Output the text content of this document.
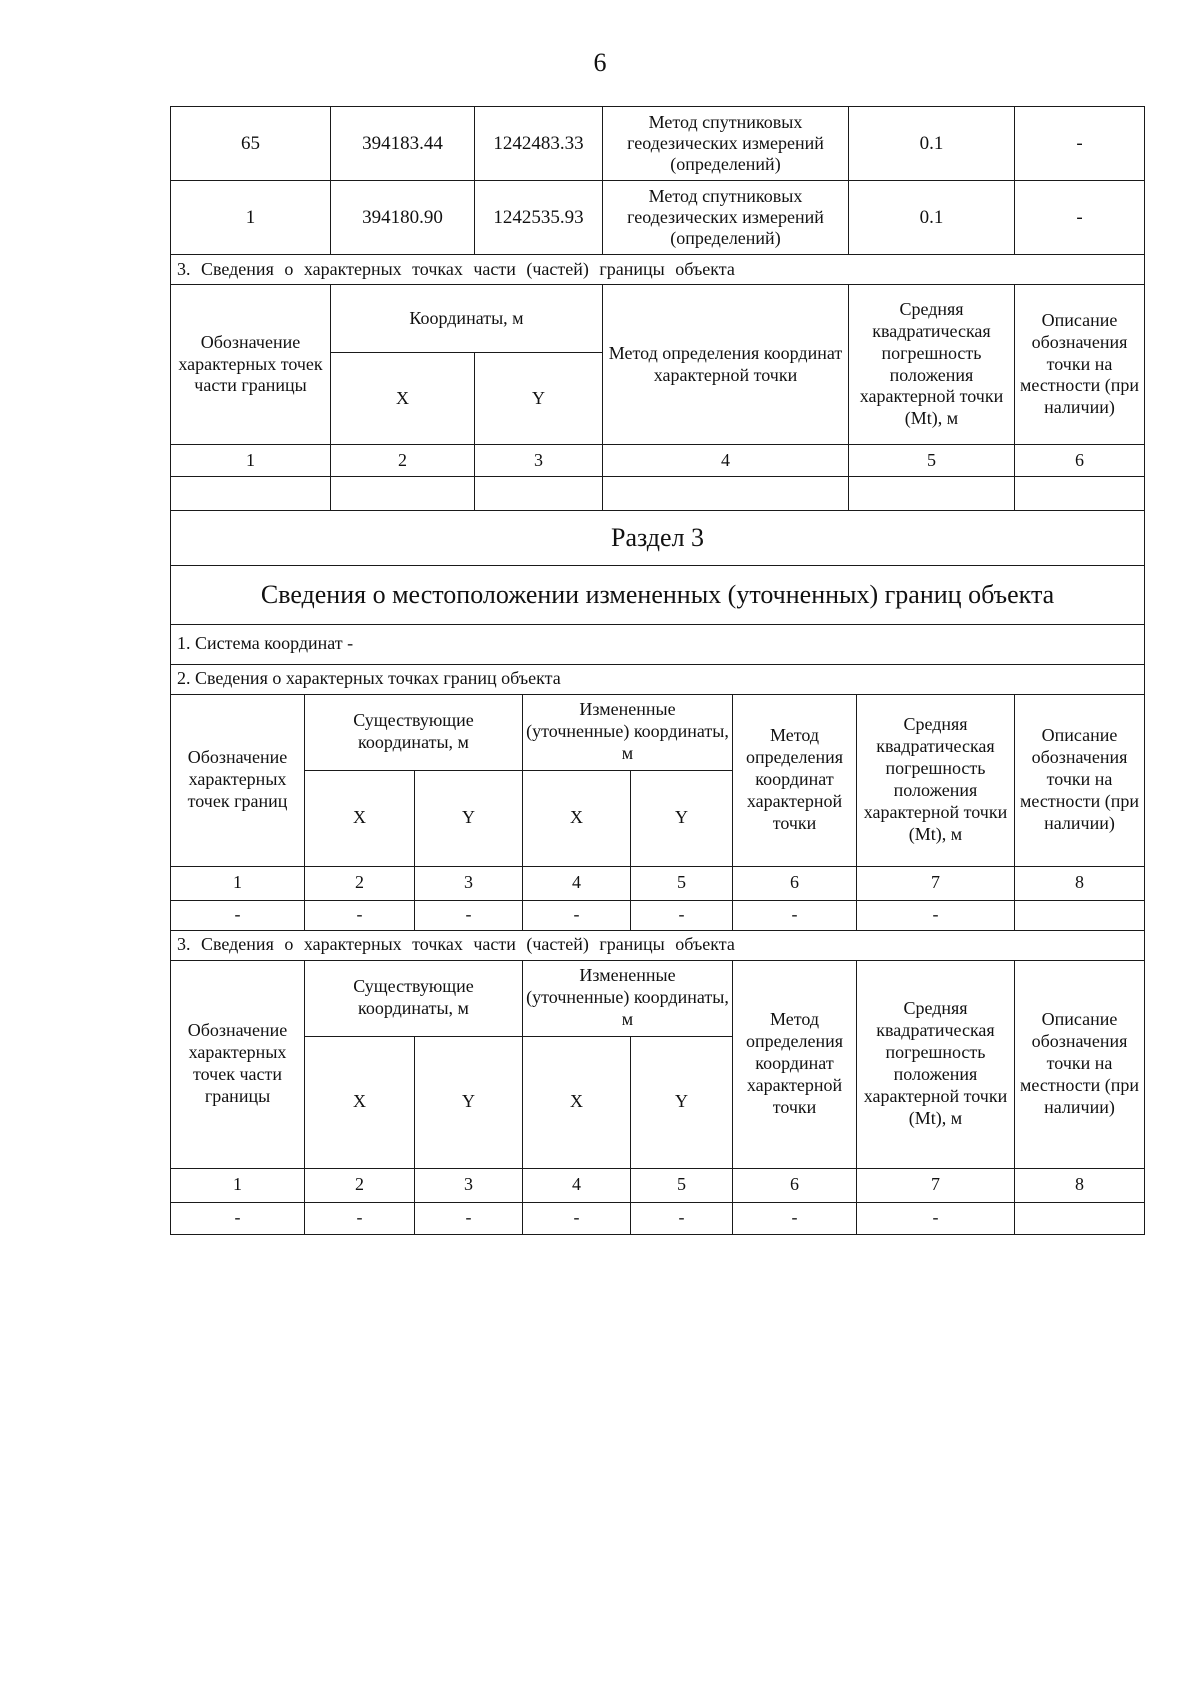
6
65	394183.44	1242483.33	Метод спутниковых геодезических измерений (определений)	0.1	-
1	394180.90	1242535.93	Метод спутниковых геодезических измерений (определений)	0.1	-
3. Сведения о характерных точках части (частей) границы объекта					
Обозначение характерных точек части границы	Координаты, м		Метод определения координат характерной точки	Средняя квадратическая погрешность положения характерной точки (Mt), м	Описание обозначения точки на местности (при наличии)
	X	Y			
1	2	3	4	5	6

Раздел 3							
Сведения о местоположении измененных (уточненных) границ объекта							
1. Система координат -							
2. Сведения о характерных точках границ объекта							
Обозначение характерных точек границ	Существующие координаты, м		Измененные (уточненные) координаты, м		Метод определения координат характерной точки	Средняя квадратическая погрешность положения характерной точки (Mt), м	Описание обозначения точки на местности (при наличии)
	X	Y	X	Y			
1	2	3	4	5	6	7	8
-	-	-	-	-	-	-	
3. Сведения о характерных точках части (частей) границы объекта							
Обозначение характерных точек части границы	Существующие координаты, м		Измененные (уточненные) координаты, м		Метод определения координат характерной точки	Средняя квадратическая погрешность положения характерной точки (Mt), м	Описание обозначения точки на местности (при наличии)
	X	Y	X	Y			
1	2	3	4	5	6	7	8
-	-	-	-	-	-	-	
